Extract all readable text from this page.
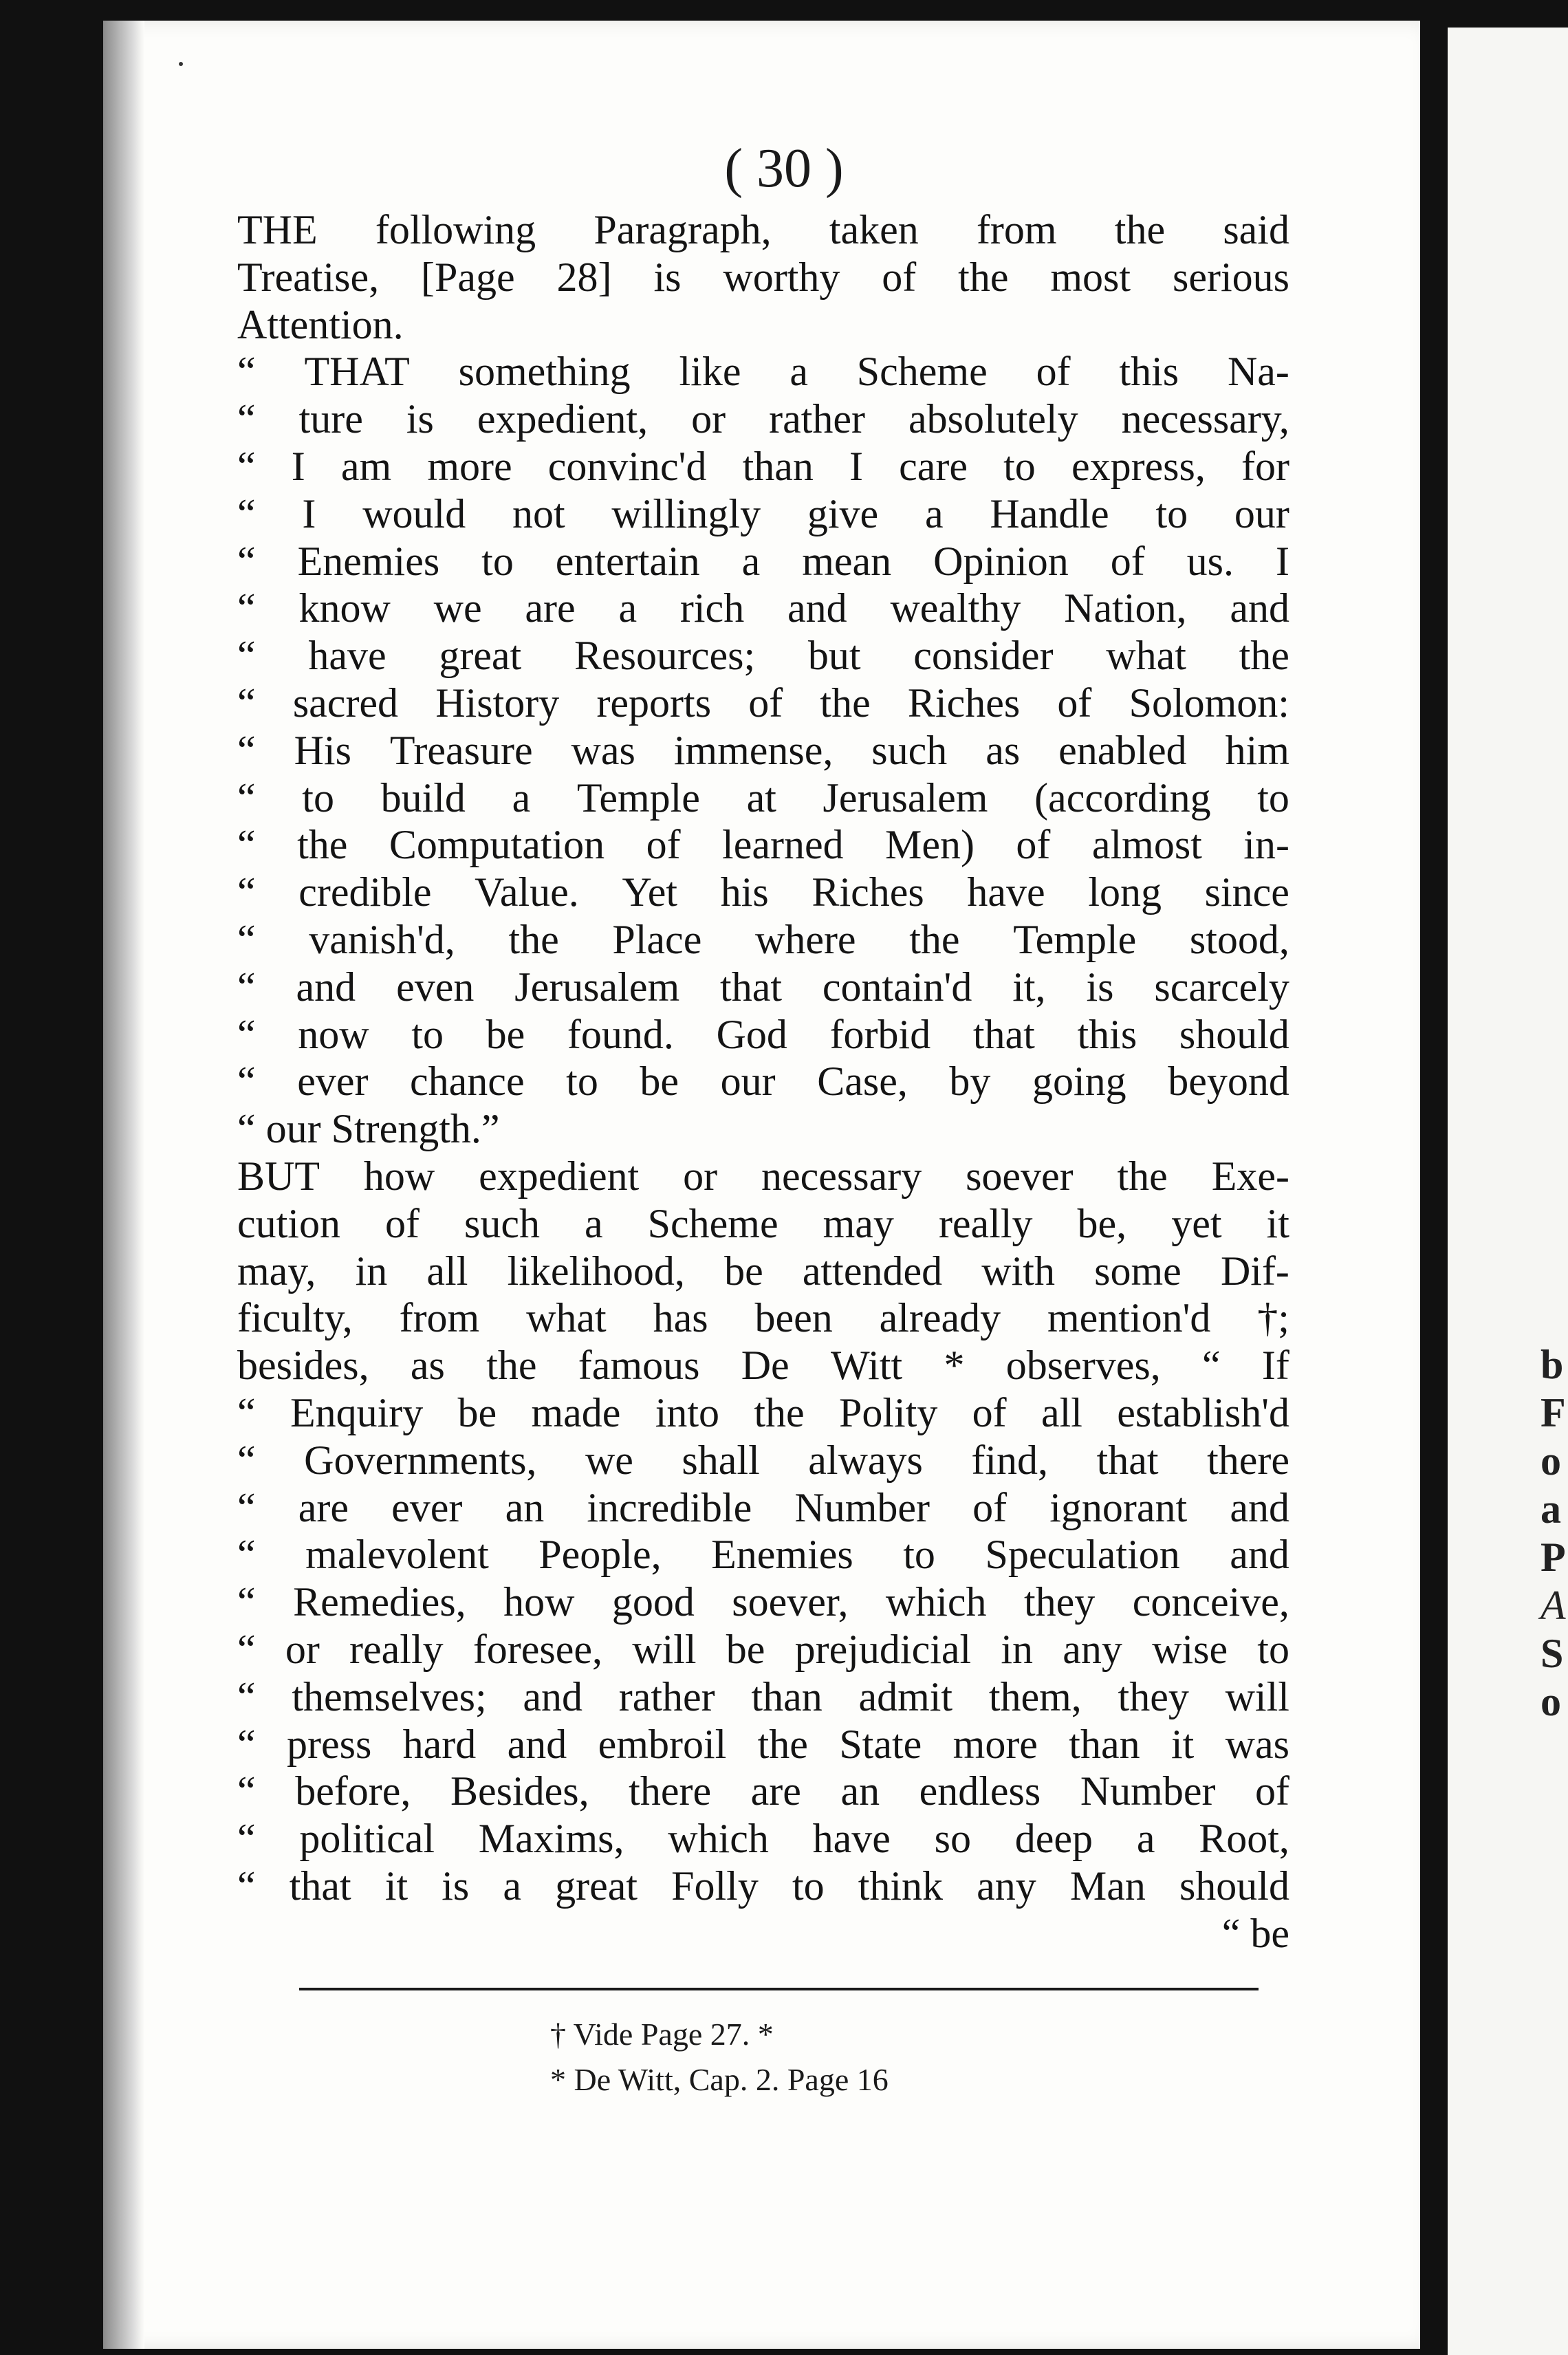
( 30 )
THE following Paragraph, taken from the said
Treatise, [Page 28] is worthy of the most serious
Attention.
“ THAT something like a Scheme of this Na-
“ ture is expedient, or rather absolutely necessary,
“ I am more convinc'd than I care to express, for
“ I would not willingly give a Handle to our
“ Enemies to entertain a mean Opinion of us. I
“ know we are a rich and wealthy Nation, and
“ have great Resources; but consider what the
“ sacred History reports of the Riches of Solomon:
“ His Treasure was immense, such as enabled him
“ to build a Temple at Jerusalem (according to
“ the Computation of learned Men) of almost in-
“ credible Value. Yet his Riches have long since
“ vanish'd, the Place where the Temple stood,
“ and even Jerusalem that contain'd it, is scarcely
“ now to be found. God forbid that this should
“ ever chance to be our Case, by going beyond
“ our Strength.”
BUT how expedient or necessary soever the Exe-
cution of such a Scheme may really be, yet it
may, in all likelihood, be attended with some Dif-
ficulty, from what has been already mention'd †;
besides, as the famous De Witt * observes, “ If
“ Enquiry be made into the Polity of all establish'd
“ Governments, we shall always find, that there
“ are ever an incredible Number of ignorant and
“ malevolent People, Enemies to Speculation and
“ Remedies, how good soever, which they conceive,
“ or really foresee, will be prejudicial in any wise to
“ themselves; and rather than admit them, they will
“ press hard and embroil the State more than it was
“ before, Besides, there are an endless Number of
“ political Maxims, which have so deep a Root,
“ that it is a great Folly to think any Man should
“ be
† Vide Page 27. *
* De Witt, Cap. 2. Page 16
b
F
o
a
P
A
S
o
